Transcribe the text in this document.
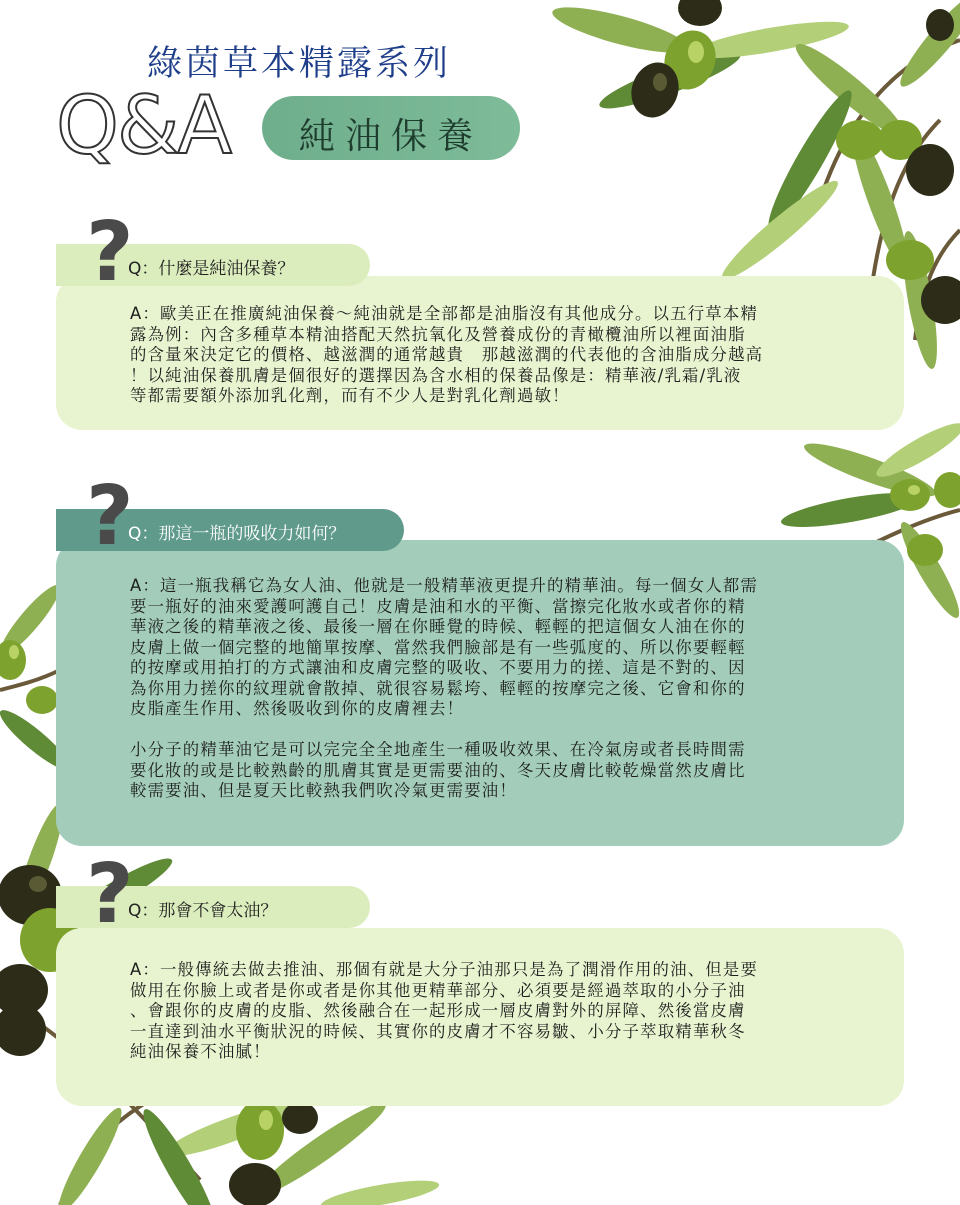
綠茵草本精露系列
Q&A	純油保養
?
Q：什麼是純油保養？
A：歐美正在推廣純油保養～純油就是全部都是油脂沒有其他成分。以五行草本精
露為例：內含多種草本精油搭配天然抗氧化及營養成份的青橄欖油所以裡面油脂
的含量來決定它的價格、越滋潤的通常越貴　那越滋潤的代表他的含油脂成分越高
！以純油保養肌膚是個很好的選擇因為含水相的保養品像是：精華液/乳霜/乳液
等都需要額外添加乳化劑，而有不少人是對乳化劑過敏！
?
Q：那這一瓶的吸收力如何？
A：這一瓶我稱它為女人油、他就是一般精華液更提升的精華油。每一個女人都需
要一瓶好的油來愛護呵護自己！皮膚是油和水的平衡、當擦完化妝水或者你的精
華液之後的精華液之後、最後一層在你睡覺的時候、輕輕的把這個女人油在你的
皮膚上做一個完整的地簡單按摩、當然我們臉部是有一些弧度的、所以你要輕輕
的按摩或用拍打的方式讓油和皮膚完整的吸收、不要用力的搓、這是不對的、因
為你用力搓你的紋理就會散掉、就很容易鬆垮、輕輕的按摩完之後、它會和你的
皮脂產生作用、然後吸收到你的皮膚裡去！

小分子的精華油它是可以完完全全地產生一種吸收效果、在冷氣房或者長時間需
要化妝的或是比較熟齡的肌膚其實是更需要油的、冬天皮膚比較乾燥當然皮膚比
較需要油、但是夏天比較熱我們吹冷氣更需要油！
?
Q：那會不會太油？
A：一般傳統去做去推油、那個有就是大分子油那只是為了潤滑作用的油、但是要
做用在你臉上或者是你或者是你其他更精華部分、必須要是經過萃取的小分子油
、會跟你的皮膚的皮脂、然後融合在一起形成一層皮膚對外的屏障、然後當皮膚
一直達到油水平衡狀況的時候、其實你的皮膚才不容易皺、小分子萃取精華秋冬
純油保養不油膩！
